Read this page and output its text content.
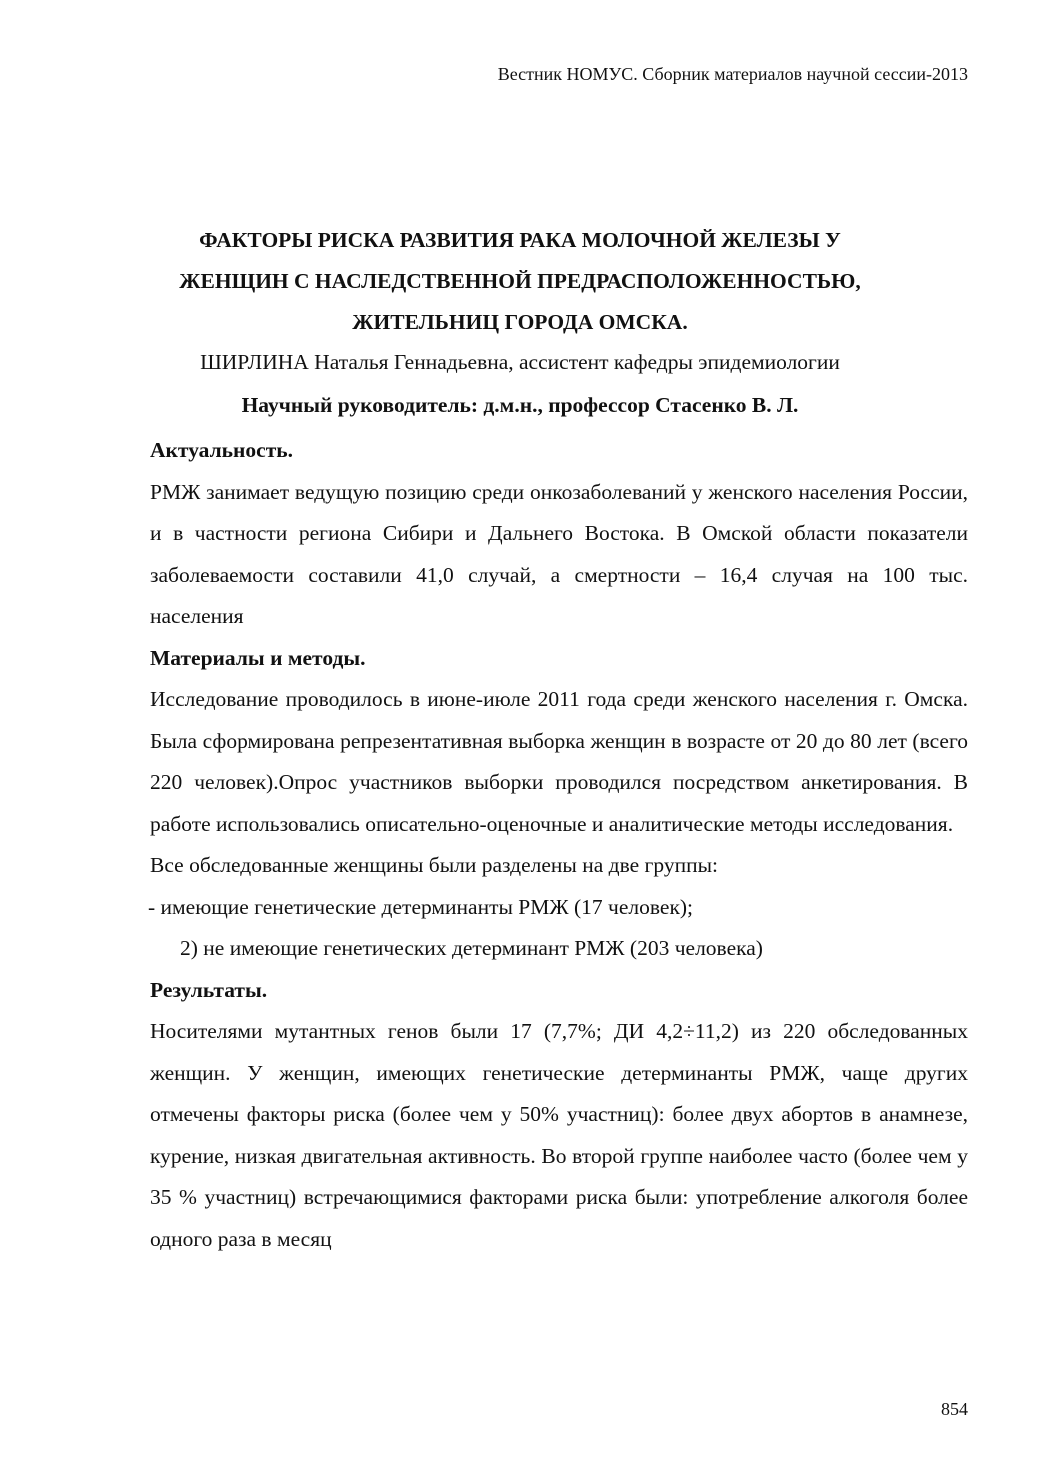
Вестник НОМУС. Сборник материалов научной сессии-2013
ФАКТОРЫ РИСКА РАЗВИТИЯ РАКА МОЛОЧНОЙ ЖЕЛЕЗЫ У
ЖЕНЩИН С НАСЛЕДСТВЕННОЙ ПРЕДРАСПОЛОЖЕННОСТЬЮ,
ЖИТЕЛЬНИЦ ГОРОДА ОМСКА.
ШИРЛИНА Наталья Геннадьевна, ассистент кафедры эпидемиологии
Научный руководитель: д.м.н., профессор Стасенко В. Л.
Актуальность.

РМЖ занимает ведущую позицию среди онкозаболеваний у женского населения России, и в частности региона Сибири и Дальнего Востока. В Омской области показатели заболеваемости составили 41,0 случай, а смертности – 16,4 случая на 100 тыс. населения

Материалы и методы.

Исследование проводилось в июне-июле 2011 года среди женского населения г. Омска. Была сформирована репрезентативная выборка женщин в возрасте от 20 до 80 лет (всего 220 человек).Опрос участников выборки проводился посредством анкетирования. В работе использовались описательно-оценочные и аналитические методы исследования.

Все обследованные женщины были разделены на две группы:

- имеющие генетические детерминанты РМЖ (17 человек);

2) не имеющие генетических детерминант РМЖ (203 человека)

Результаты.

Носителями мутантных генов были 17 (7,7%; ДИ 4,2÷11,2) из 220 обследованных женщин. У женщин, имеющих генетические детерминанты РМЖ, чаще других отмечены факторы риска (более чем у 50% участниц): более двух абортов в анамнезе, курение, низкая двигательная активность. Во второй группе наиболее часто (более чем у 35 % участниц) встречающимися факторами риска были: употребление алкоголя более одного раза в месяц

854
